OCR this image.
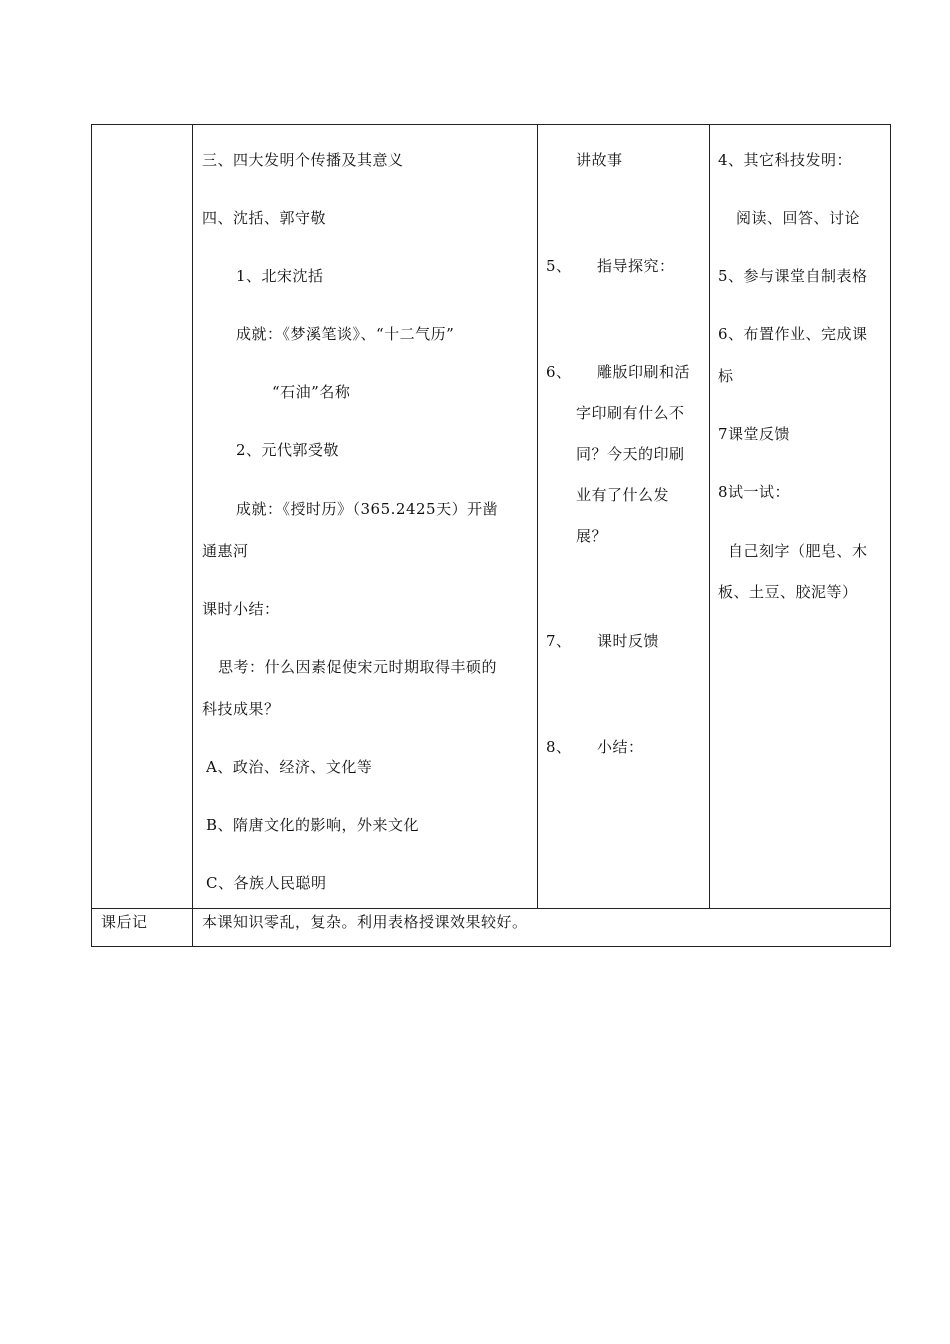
三、四大发明个传播及其意义
四、沈括、郭守敬
1、北宋沈括
成就：《梦溪笔谈》、“十二气历”
“石油”名称
2、元代郭受敬
成就：《授时历》（365.2425天）开凿
通惠河
课时小结：
思考：什么因素促使宋元时期取得丰硕的
科技成果？
A、政治、经济、文化等
B、隋唐文化的影响，外来文化
C、各族人民聪明
讲故事
5、 指导探究：
6、 雕版印刷和活
字印刷有什么不
同？今天的印刷
业有了什么发
展？
7、 课时反馈
8、 小结：
4、其它科技发明：
阅读、回答、讨论
5、参与课堂自制表格
6、布置作业、完成课
标
7课堂反馈
8试一试：
自己刻字（肥皂、木
板、土豆、胶泥等）
课后记	本课知识零乱，复杂。利用表格授课效果较好。
